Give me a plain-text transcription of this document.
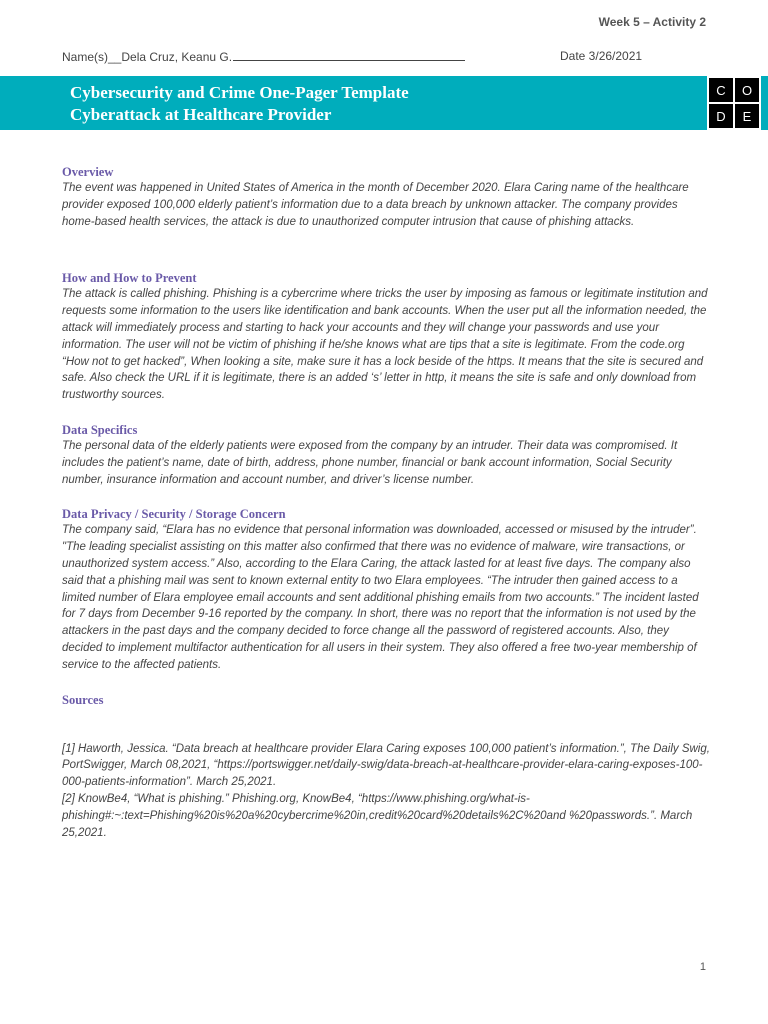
Week 5 – Activity 2
Name(s)__Dela Cruz, Keanu G.	Date 3/26/2021
Cybersecurity and Crime One-Pager Template
Cyberattack at Healthcare Provider
C	O
D	E
Overview

The event was happened in United States of America in the month of December 2020. Elara Caring name of the healthcare provider exposed 100,000 elderly patient’s information due to a data breach by unknown attacker. The company provides home-based health services, the attack is due to unauthorized computer intrusion that cause of phishing attacks.

How and How to Prevent

The attack is called phishing. Phishing is a cybercrime where tricks the user by imposing as famous or legitimate institution and requests some information to the users like identification and bank accounts. When the user put all the information needed, the attack will immediately process and starting to hack your accounts and they will change your passwords and use your information. The user will not be victim of phishing if he/she knows what are tips that a site is legitimate. From the code.org “How not to get hacked”, When looking a site, make sure it has a lock beside of the https. It means that the site is secured and safe. Also check the URL if it is legitimate, there is an added ‘s’ letter in http, it means the site is safe and only download from trustworthy sources.

Data Specifics

The personal data of the elderly patients were exposed from the company by an intruder. Their data was compromised. It includes the patient’s name, date of birth, address, phone number, financial or bank account information, Social Security number, insurance information and account number, and driver’s license number.

Data Privacy / Security / Storage Concern

The company said, “Elara has no evidence that personal information was downloaded, accessed or misused by the intruder”. "The leading specialist assisting on this matter also confirmed that there was no evidence of malware, wire transactions, or unauthorized system access.” Also, according to the Elara Caring, the attack lasted for at least five days. The company also said that a phishing mail was sent to known external entity to two Elara employees. “The intruder then gained access to a limited number of Elara employee email accounts and sent additional phishing emails from two accounts.” The incident lasted for 7 days from December 9-16 reported by the company. In short, there was no report that the information is not used by the attackers in the past days and the company decided to force change all the password of registered accounts. Also, they decided to implement multifactor authentication for all users in their system. They also offered a free two-year membership of service to the affected patients.

Sources

[1] Haworth, Jessica. “Data breach at healthcare provider Elara Caring exposes 100,000 patient’s information.”, The Daily Swig, PortSwigger, March 08,2021, “https://portswigger.net/daily-swig/data-breach-at-healthcare-provider-elara-caring-exposes-100-000-patients-information”. March 25,2021.

[2] KnowBe4, “What is phishing.” Phishing.org, KnowBe4, “https://www.phishing.org/what-is-phishing#:~:text=Phishing%20is%20a%20cybercrime%20in,credit%20card%20details%2C%20and %20passwords.”. March 25,2021.

1
